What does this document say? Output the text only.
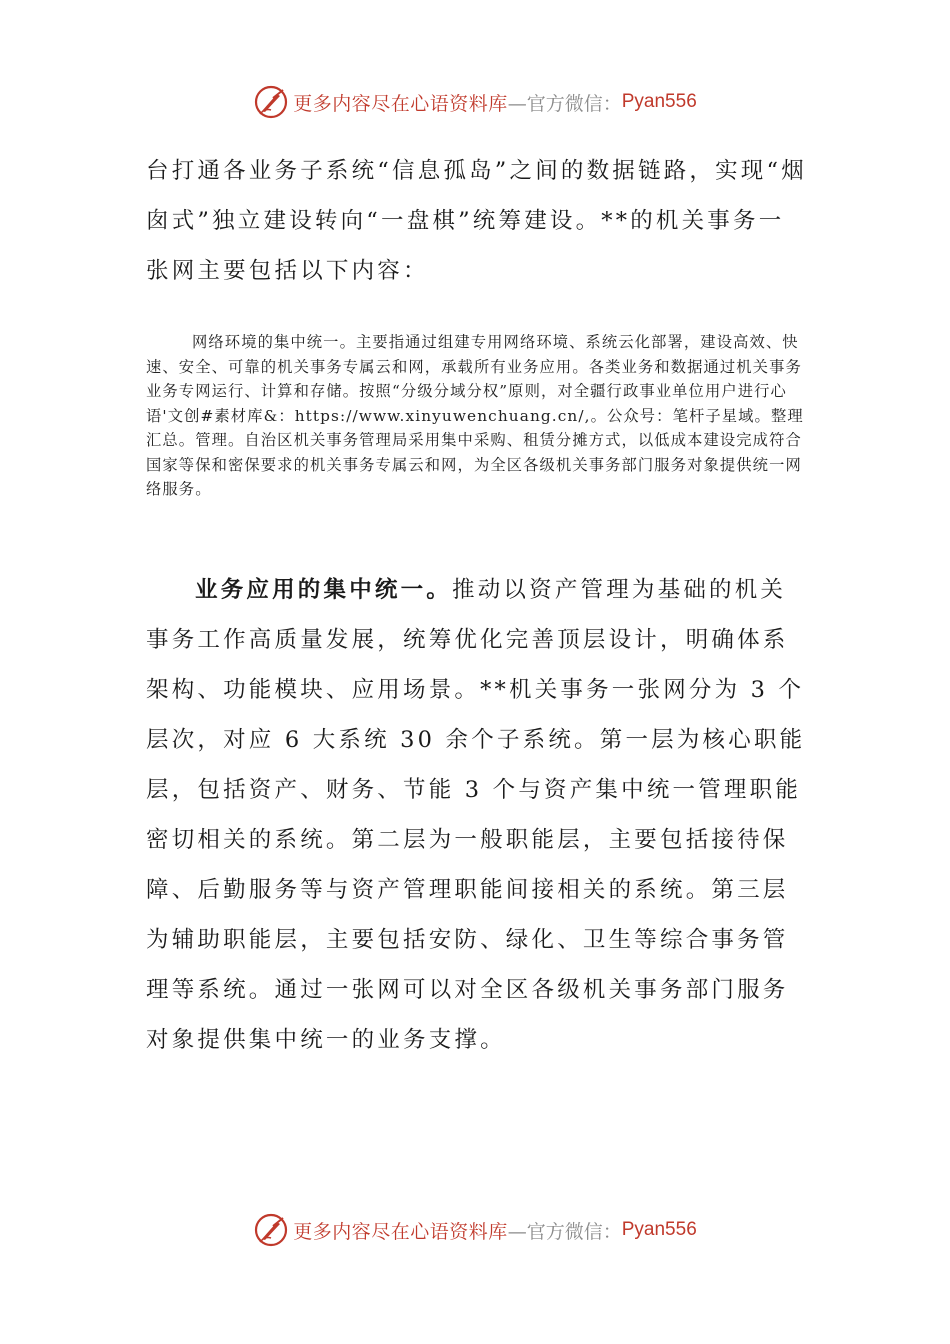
更多内容尽在心语资料库 —官方微信： Pyan556

台打通各业务子系统“信息孤岛”之间的数据链路，实现“烟囱式”独立建设转向“一盘棋”统筹建设。**的机关事务一张网主要包括以下内容：

网络环境的集中统一。主要指通过组建专用网络环境、系统云化部署，建设高效、快速、安全、可靠的机关事务专属云和网，承载所有业务应用。各类业务和数据通过机关事务业务专网运行、计算和存储。按照“分级分域分权”原则，对全疆行政事业单位用户进行心语'文创#素材库&：https://www.xinyuwenchuang.cn/,。公众号：笔杆子星域。整理汇总。管理。自治区机关事务管理局采用集中采购、租赁分摊方式，以低成本建设完成符合国家等保和密保要求的机关事务专属云和网，为全区各级机关事务部门服务对象提供统一网络服务。

业务应用的集中统一。推动以资产管理为基础的机关事务工作高质量发展，统筹优化完善顶层设计，明确体系架构、功能模块、应用场景。**机关事务一张网分为 3 个层次，对应 6 大系统 30 余个子系统。第一层为核心职能层，包括资产、财务、节能 3 个与资产集中统一管理职能密切相关的系统。第二层为一般职能层，主要包括接待保障、后勤服务等与资产管理职能间接相关的系统。第三层为辅助职能层，主要包括安防、绿化、卫生等综合事务管理等系统。通过一张网可以对全区各级机关事务部门服务对象提供集中统一的业务支撑。

更多内容尽在心语资料库 —官方微信： Pyan556
